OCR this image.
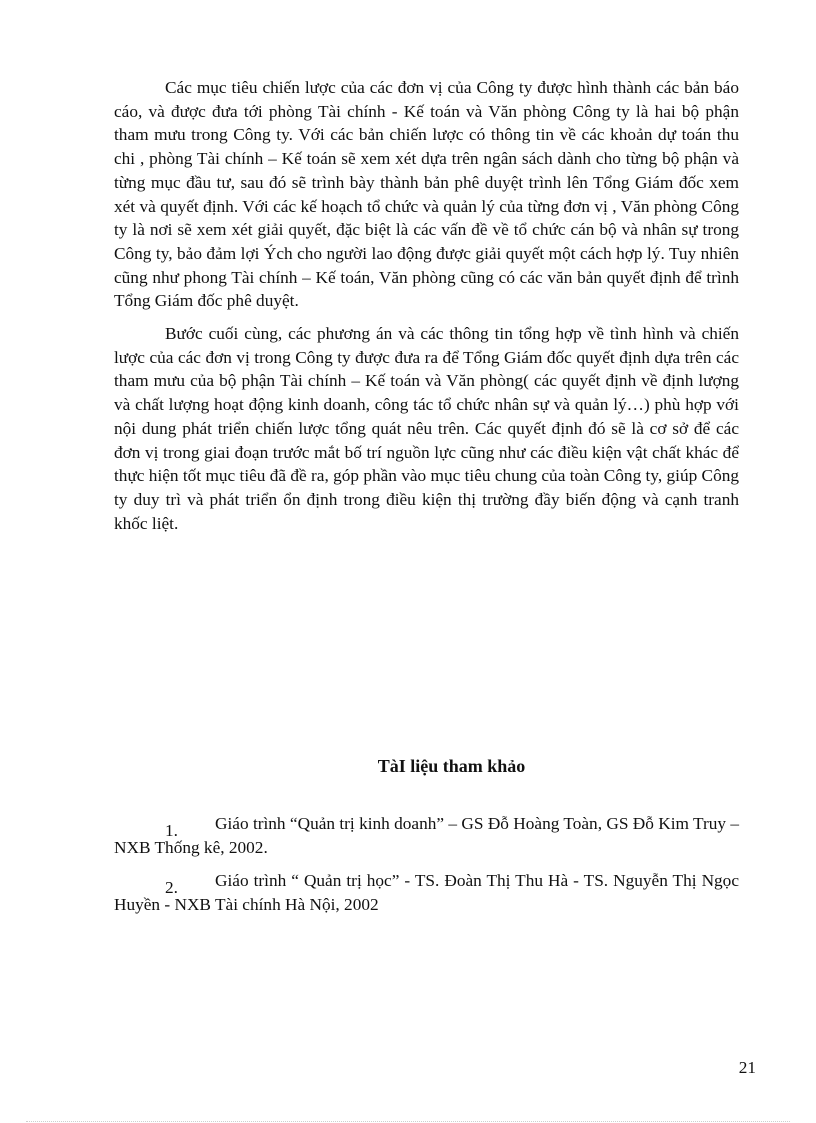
Các mục tiêu chiến lược của các đơn vị của Công ty được hình thành các bản báo cáo, và được đưa tới phòng Tài chính - Kế toán và Văn phòng Công ty là hai bộ phận tham mưu trong Công ty. Với các bản chiến lược có thông tin về các khoản dự toán thu chi , phòng Tài chính – Kế toán sẽ xem xét dựa trên ngân sách dành cho từng bộ phận và từng mục đầu tư, sau đó sẽ trình bày thành bản phê duyệt trình lên Tổng Giám đốc xem xét và quyết định. Với các kế hoạch tổ chức và quản lý của từng đơn vị , Văn phòng Công ty là nơi sẽ xem xét giải quyết, đặc biệt là các vấn đề về tổ chức cán bộ và nhân sự trong Công ty, bảo đảm lợi Ých cho người lao động được giải quyết một cách hợp lý. Tuy nhiên cũng như phong Tài chính – Kế toán, Văn phòng cũng có các văn bản quyết định để trình Tổng Giám đốc phê duyệt.

Bước cuối cùng, các phương án và các thông tin tổng hợp về tình hình và chiến lược của các đơn vị trong Công ty được đưa ra để Tổng Giám đốc quyết định dựa trên các tham mưu của bộ phận Tài chính – Kế toán và Văn phòng( các quyết định về định lượng và chất lượng hoạt động kinh doanh, công tác tổ chức nhân sự và quản lý…) phù hợp với nội dung phát triển chiến lược tổng quát nêu trên. Các quyết định đó sẽ là cơ sở để các đơn vị trong giai đoạn trước mắt bố trí nguồn lực cũng như các điều kiện vật chất khác để thực hiện tốt mục tiêu đã đề ra, góp phần vào mục tiêu chung của toàn Công ty, giúp Công ty duy trì và phát triển ổn định trong điều kiện thị trường đầy biến động và cạnh tranh khốc liệt.

TàI liệu tham khảo
1. Giáo trình “Quản trị kinh doanh” – GS Đỗ Hoàng Toàn, GS Đỗ Kim Truy – NXB Thống kê, 2002.
2. Giáo trình “ Quản trị học” - TS. Đoàn Thị Thu Hà - TS. Nguyễn Thị Ngọc Huyền - NXB Tài chính Hà Nội, 2002
21
